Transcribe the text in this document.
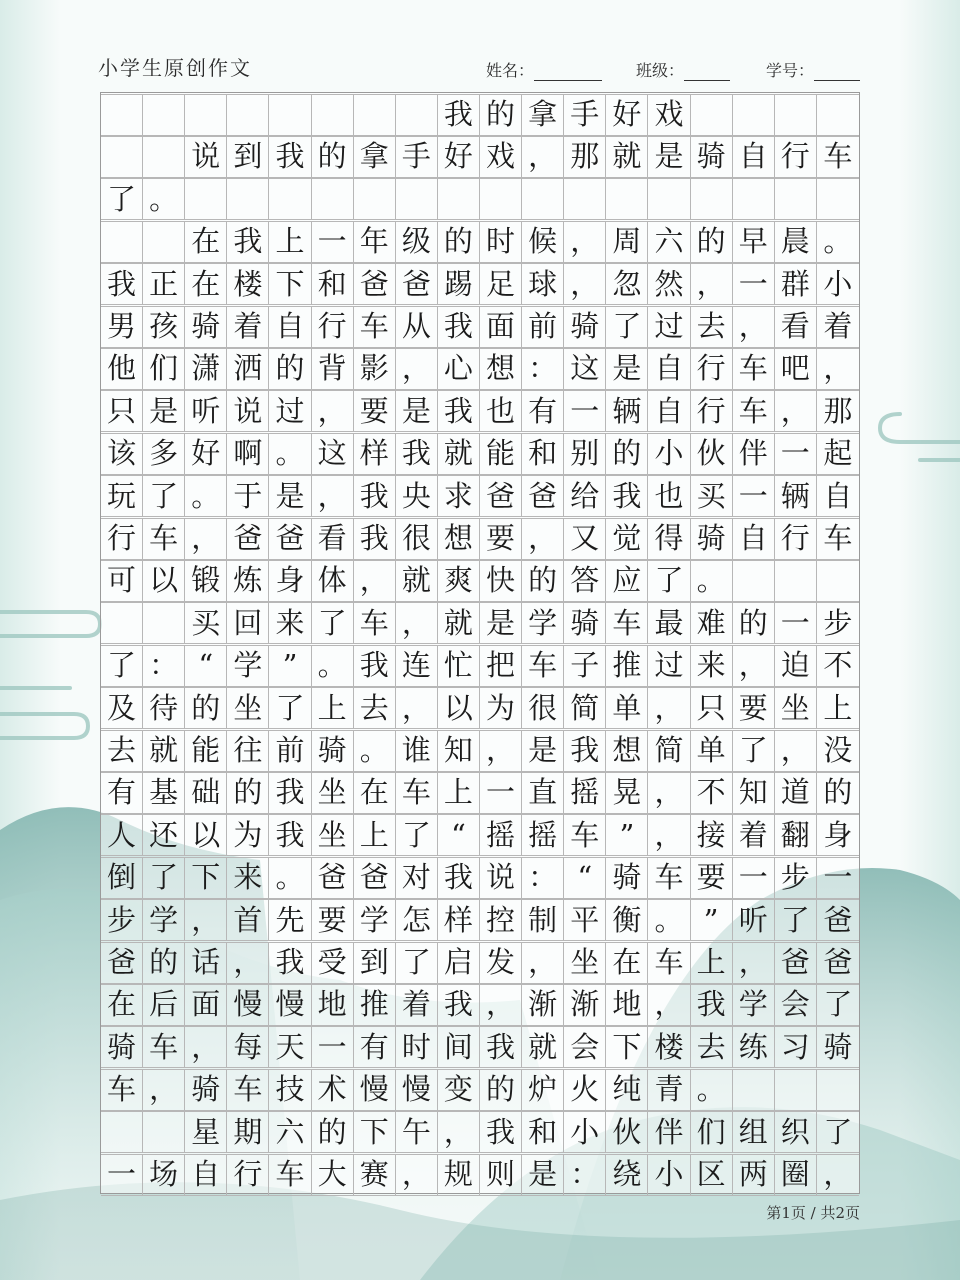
小学生原创作文	姓名：	班级：	学号：
我 的 拿 手 好 戏
说 到 我 的 拿 手 好 戏 ， 那 就 是 骑 自 行 车
了 。
在 我 上 一 年 级 的 时 候 ， 周 六 的 早 晨 。
我 正 在 楼 下 和 爸 爸 踢 足 球 ， 忽 然 ， 一 群 小
男 孩 骑 着 自 行 车 从 我 面 前 骑 了 过 去 ， 看 着
他 们 潇 洒 的 背 影 ， 心 想 ： 这 是 自 行 车 吧 ，
只 是 听 说 过 ， 要 是 我 也 有 一 辆 自 行 车 ， 那
该 多 好 啊 。 这 样 我 就 能 和 别 的 小 伙 伴 一 起
玩 了 。 于 是 ， 我 央 求 爸 爸 给 我 也 买 一 辆 自
行 车 ， 爸 爸 看 我 很 想 要 ， 又 觉 得 骑 自 行 车
可 以 锻 炼 身 体 ， 就 爽 快 的 答 应 了 。
买 回 来 了 车 ， 就 是 学 骑 车 最 难 的 一 步
了 ： “ 学 ” 。 我 连 忙 把 车 子 推 过 来 ， 迫 不
及 待 的 坐 了 上 去 ， 以 为 很 简 单 ， 只 要 坐 上
去 就 能 往 前 骑 。 谁 知 ， 是 我 想 简 单 了 ， 没
有 基 础 的 我 坐 在 车 上 一 直 摇 晃 ， 不 知 道 的
人 还 以 为 我 坐 上 了 “ 摇 摇 车 ” ， 接 着 翻 身
倒 了 下 来 。 爸 爸 对 我 说 ： “ 骑 车 要 一 步 一
步 学 ， 首 先 要 学 怎 样 控 制 平 衡 。 ” 听 了 爸
爸 的 话 ， 我 受 到 了 启 发 ， 坐 在 车 上 ， 爸 爸
在 后 面 慢 慢 地 推 着 我 ， 渐 渐 地 ， 我 学 会 了
骑 车 ， 每 天 一 有 时 间 我 就 会 下 楼 去 练 习 骑
车 ， 骑 车 技 术 慢 慢 变 的 炉 火 纯 青 。
星 期 六 的 下 午 ， 我 和 小 伙 伴 们 组 织 了
一 场 自 行 车 大 赛 ， 规 则 是 ： 绕 小 区 两 圈 ，
第1页 / 共2页
